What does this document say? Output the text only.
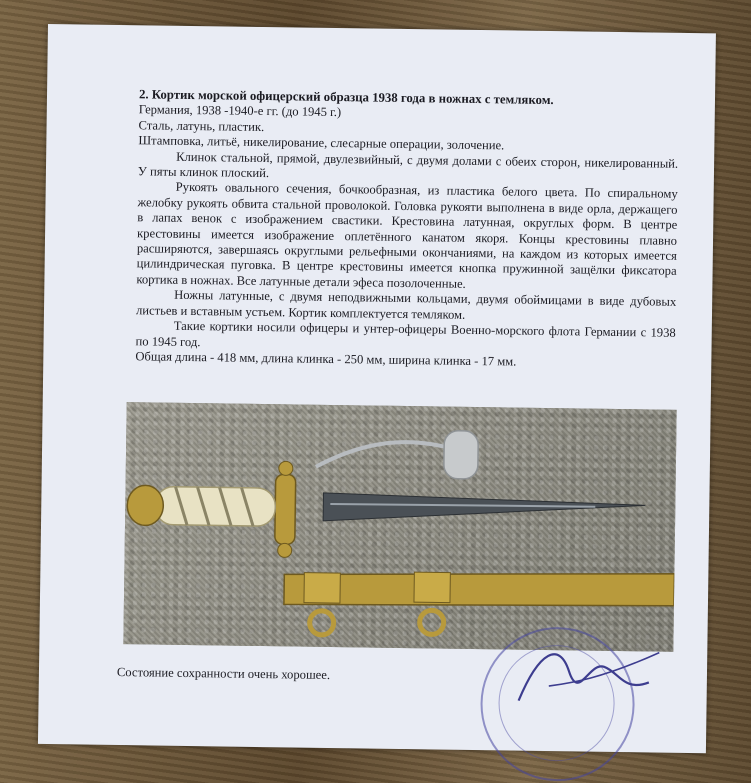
2. Кортик морской офицерский образца 1938 года в ножнах с темляком.

Германия, 1938 -1940-е гг. (до 1945 г.)

Сталь, латунь, пластик.

Штамповка, литьё, никелирование, слесарные операции, золочение.

Клинок стальной, прямой, двулезвийный, с двумя долами с обеих сторон, никелированный. У пяты клинок плоский.

Рукоять овального сечения, бочкообразная, из пластика белого цвета. По спиральному желобку рукоять обвита стальной проволокой. Головка рукояти выполнена в виде орла, держащего в лапах венок с изображением свастики. Крестовина латунная, округлых форм. В центре крестовины имеется изображение оплетённого канатом якоря. Концы крестовины плавно расширяются, завершаясь округлыми рельефными окончаниями, на каждом из которых имеется цилиндрическая пуговка. В центре крестовины имеется кнопка пружинной защёлки фиксатора кортика в ножнах. Все латунные детали эфеса позолоченные.

Ножны латунные, с двумя неподвижными кольцами, двумя обоймицами в виде дубовых листьев и вставным устьем. Кортик комплектуется темляком.

Такие кортики носили офицеры и унтер-офицеры Военно-морского флота Германии с 1938 по 1945 год.

Общая длина - 418 мм, длина клинка - 250 мм, ширина клинка - 17 мм.

Состояние сохранности очень хорошее.
